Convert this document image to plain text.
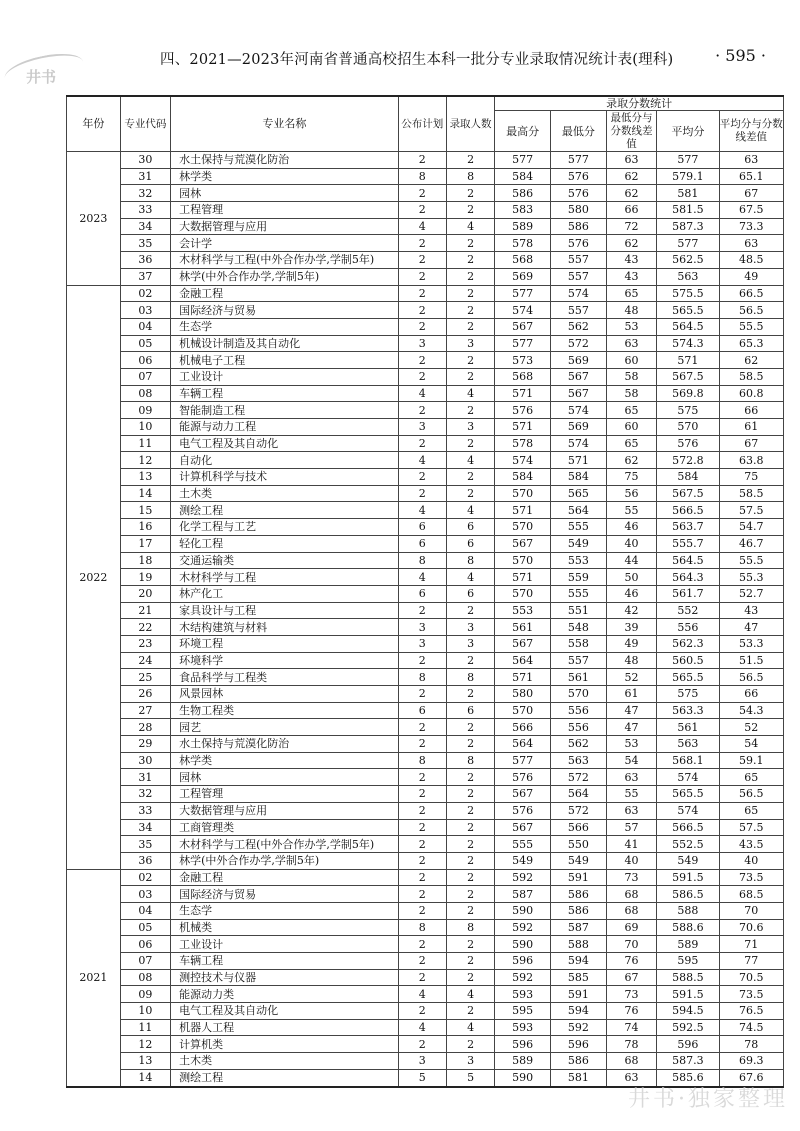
四、2021—2023年河南省普通高校招生本科一批分专业录取情况统计表(理科)	· 595 ·
井书
年份	专业代码	专业名称	公布计划	录取人数	录取分数统计				
					最高分	最低分	最低分与分数线差值	平均分	平均分与分数线差值
2023	30	水土保持与荒漠化防治	2	2	577	577	63	577	63
	31	林学类	8	8	584	576	62	579.1	65.1
	32	园林	2	2	586	576	62	581	67
	33	工程管理	2	2	583	580	66	581.5	67.5
	34	大数据管理与应用	4	4	589	586	72	587.3	73.3
	35	会计学	2	2	578	576	62	577	63
	36	木材科学与工程(中外合作办学,学制5年)	2	2	568	557	43	562.5	48.5
	37	林学(中外合作办学,学制5年)	2	2	569	557	43	563	49
2022	02	金融工程	2	2	577	574	65	575.5	66.5
	03	国际经济与贸易	2	2	574	557	48	565.5	56.5
	04	生态学	2	2	567	562	53	564.5	55.5
	05	机械设计制造及其自动化	3	3	577	572	63	574.3	65.3
	06	机械电子工程	2	2	573	569	60	571	62
	07	工业设计	2	2	568	567	58	567.5	58.5
	08	车辆工程	4	4	571	567	58	569.8	60.8
	09	智能制造工程	2	2	576	574	65	575	66
	10	能源与动力工程	3	3	571	569	60	570	61
	11	电气工程及其自动化	2	2	578	574	65	576	67
	12	自动化	4	4	574	571	62	572.8	63.8
	13	计算机科学与技术	2	2	584	584	75	584	75
	14	土木类	2	2	570	565	56	567.5	58.5
	15	测绘工程	4	4	571	564	55	566.5	57.5
	16	化学工程与工艺	6	6	570	555	46	563.7	54.7
	17	轻化工程	6	6	567	549	40	555.7	46.7
	18	交通运输类	8	8	570	553	44	564.5	55.5
	19	木材科学与工程	4	4	571	559	50	564.3	55.3
	20	林产化工	6	6	570	555	46	561.7	52.7
	21	家具设计与工程	2	2	553	551	42	552	43
	22	木结构建筑与材料	3	3	561	548	39	556	47
	23	环境工程	3	3	567	558	49	562.3	53.3
	24	环境科学	2	2	564	557	48	560.5	51.5
	25	食品科学与工程类	8	8	571	561	52	565.5	56.5
	26	风景园林	2	2	580	570	61	575	66
	27	生物工程类	6	6	570	556	47	563.3	54.3
	28	园艺	2	2	566	556	47	561	52
	29	水土保持与荒漠化防治	2	2	564	562	53	563	54
	30	林学类	8	8	577	563	54	568.1	59.1
	31	园林	2	2	576	572	63	574	65
	32	工程管理	2	2	567	564	55	565.5	56.5
	33	大数据管理与应用	2	2	576	572	63	574	65
	34	工商管理类	2	2	567	566	57	566.5	57.5
	35	木材科学与工程(中外合作办学,学制5年)	2	2	555	550	41	552.5	43.5
	36	林学(中外合作办学,学制5年)	2	2	549	549	40	549	40
2021	02	金融工程	2	2	592	591	73	591.5	73.5
	03	国际经济与贸易	2	2	587	586	68	586.5	68.5
	04	生态学	2	2	590	586	68	588	70
	05	机械类	8	8	592	587	69	588.6	70.6
	06	工业设计	2	2	590	588	70	589	71
	07	车辆工程	2	2	596	594	76	595	77
	08	测控技术与仪器	2	2	592	585	67	588.5	70.5
	09	能源动力类	4	4	593	591	73	591.5	73.5
	10	电气工程及其自动化	2	2	595	594	76	594.5	76.5
	11	机器人工程	4	4	593	592	74	592.5	74.5
	12	计算机类	2	2	596	596	78	596	78
	13	土木类	3	3	589	586	68	587.3	69.3
	14	测绘工程	5	5	590	581	63	585.6	67.6
井书·独家整理
